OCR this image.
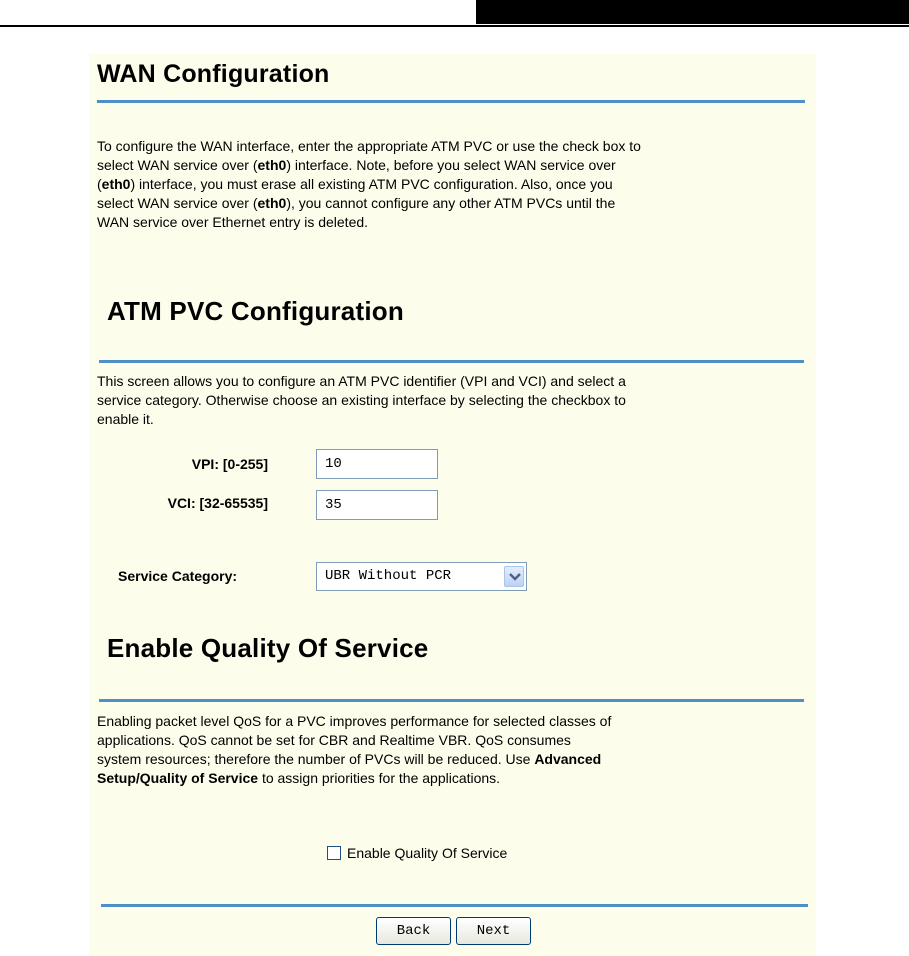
WAN Configuration

To configure the WAN interface, enter the appropriate ATM PVC or use the check box to

select WAN service over (eth0) interface. Note, before you select WAN service over

(eth0) interface, you must erase all existing ATM PVC configuration. Also, once you

select WAN service over (eth0), you cannot configure any other ATM PVCs until the

WAN service over Ethernet entry is deleted.

ATM PVC Configuration

This screen allows you to configure an ATM PVC identifier (VPI and VCI) and select a

service category. Otherwise choose an existing interface by selecting the checkbox to

enable it.

VPI: [0-255]	10
VCI: [32-65535]	35
Service Category:	UBR Without PCR
Enable Quality Of Service

Enabling packet level QoS for a PVC improves performance for selected classes of

applications. QoS cannot be set for CBR and Realtime VBR. QoS consumes

system resources; therefore the number of PVCs will be reduced. Use Advanced

Setup/Quality of Service to assign priorities for the applications.

Enable Quality Of Service
Back	Next
